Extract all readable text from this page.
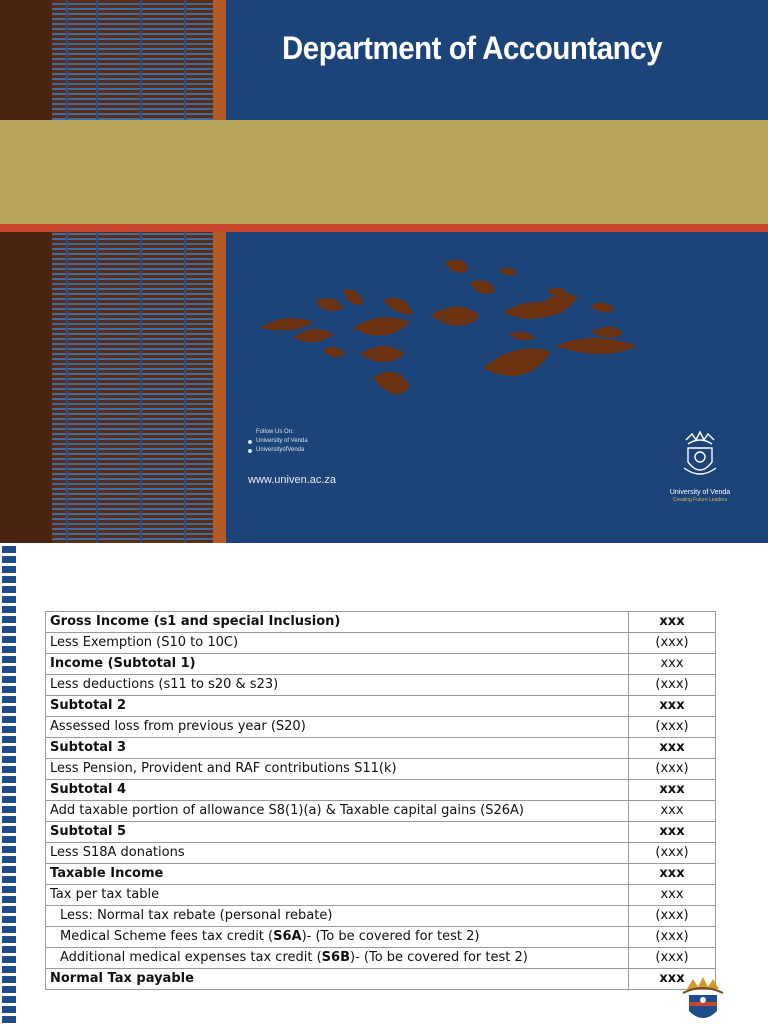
Department of Accountancy
Follow Us On:
University of Venda
UniversityofVenda
www.univen.ac.za
University of Venda
Creating Future Leaders
Gross Income (s1 and special Inclusion)	xxx
Less Exemption (S10 to 10C)	(xxx)
Income (Subtotal 1)	xxx
Less deductions (s11 to s20 & s23)	(xxx)
Subtotal 2	xxx
Assessed loss from previous year (S20)	(xxx)
Subtotal 3	xxx
Less Pension, Provident and RAF contributions S11(k)	(xxx)
Subtotal 4	xxx
Add taxable portion of allowance S8(1)(a) & Taxable capital gains (S26A)	xxx
Subtotal 5	xxx
Less S18A donations	(xxx)
Taxable Income	xxx
Tax per tax table	xxx
Less: Normal tax rebate (personal rebate)	(xxx)
Medical Scheme fees tax credit (S6A)- (To be covered for test 2)	(xxx)
Additional medical expenses tax credit (S6B)- (To be covered for test 2)	(xxx)
Normal Tax payable	xxx
